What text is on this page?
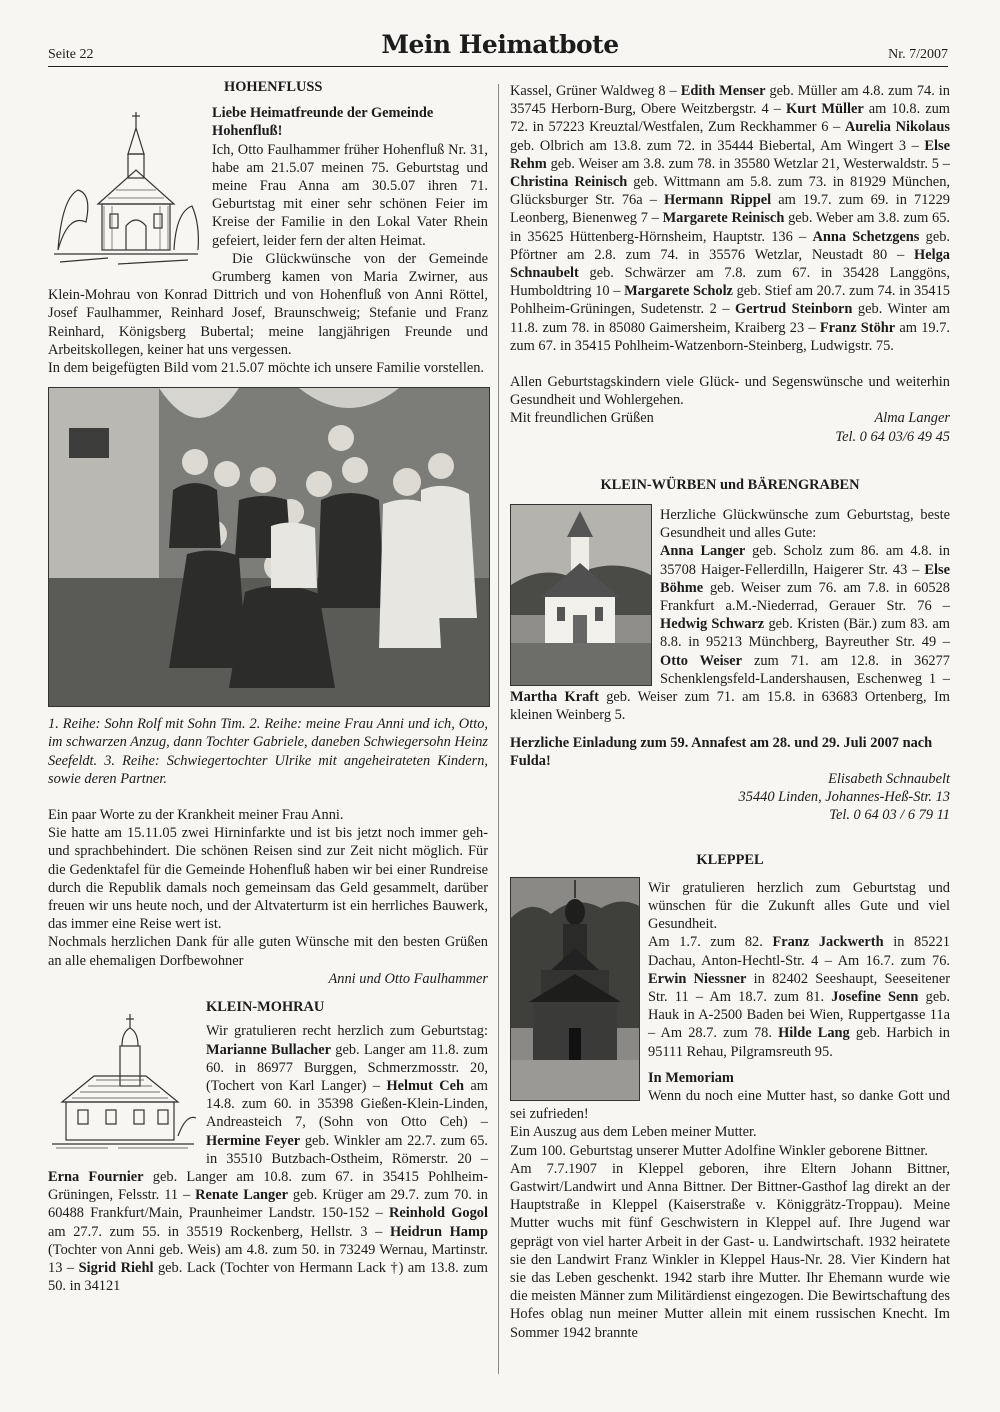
Seite 22	Mein Heimatbote	Nr. 7/2007
HOHENFLUSS

Liebe Heimatfreunde der Gemeinde Hohenfluß!

Ich, Otto Faulhammer früher Hohenfluß Nr. 31, habe am 21.5.07 meinen 75. Geburtstag und meine Frau Anna am 30.5.07 ihren 71. Geburtstag mit einer sehr schönen Feier im Kreise der Familie in den Lokal Vater Rhein gefeiert, leider fern der alten Heimat.

Die Glückwünsche von der Gemeinde Grumberg kamen von Maria Zwirner, aus Klein-Mohrau von Konrad Dittrich und von Hohenfluß von Anni Röttel, Josef Faulhammer, Reinhard Josef, Braunschweig; Stefanie und Franz Reinhard, Königsberg Bubertal; meine langjährigen Freunde und Arbeitskollegen, keiner hat uns vergessen.

In dem beigefügten Bild vom 21.5.07 möchte ich unsere Familie vorstellen.

1. Reihe: Sohn Rolf mit Sohn Tim. 2. Reihe: meine Frau Anni und ich, Otto, im schwarzen Anzug, dann Tochter Gabriele, daneben Schwiegersohn Heinz Seefeldt. 3. Reihe: Schwiegertochter Ulrike mit angeheirateten Kindern, sowie deren Partner.

Ein paar Worte zu der Krankheit meiner Frau Anni.

Sie hatte am 15.11.05 zwei Hirninfarkte und ist bis jetzt noch immer geh- und sprachbehindert. Die schönen Reisen sind zur Zeit nicht möglich. Für die Gedenktafel für die Gemeinde Hohenfluß haben wir bei einer Rundreise durch die Republik damals noch gemeinsam das Geld gesammelt, darüber freuen wir uns heute noch, und der Altvaterturm ist ein herrliches Bauwerk, das immer eine Reise wert ist.

Nochmals herzlichen Dank für alle guten Wünsche mit den besten Grüßen an alle ehemaligen Dorfbewohner

Anni und Otto Faulhammer

KLEIN-MOHRAU

Wir gratulieren recht herzlich zum Geburtstag: Marianne Bullacher geb. Langer am 11.8. zum 60. in 86977 Burggen, Schmerzmosstr. 20, (Tochert von Karl Langer) – Helmut Ceh am 14.8. zum 60. in 35398 Gießen-Klein-Linden, Andreasteich 7, (Sohn von Otto Ceh) – Hermine Feyer geb. Winkler am 22.7. zum 65. in 35510 Butzbach-Ostheim, Römerstr. 20 – Erna Fournier geb. Langer am 10.8. zum 67. in 35415 Pohlheim-Grüningen, Felsstr. 11 – Renate Langer geb. Krüger am 29.7. zum 70. in 60488 Frankfurt/Main, Praunheimer Landstr. 150-152 – Reinhold Gogol am 27.7. zum 55. in 35519 Rockenberg, Hellstr. 3 – Heidrun Hamp (Tochter von Anni geb. Weis) am 4.8. zum 50. in 73249 Wernau, Martinstr. 13 – Sigrid Riehl geb. Lack (Tochter von Hermann Lack †) am 13.8. zum 50. in 34121

Kassel, Grüner Waldweg 8 – Edith Menser geb. Müller am 4.8. zum 74. in 35745 Herborn-Burg, Obere Weitzbergstr. 4 – Kurt Müller am 10.8. zum 72. in 57223 Kreuztal/Westfalen, Zum Reckhammer 6 – Aurelia Nikolaus geb. Olbrich am 13.8. zum 72. in 35444 Biebertal, Am Wingert 3 – Else Rehm geb. Weiser am 3.8. zum 78. in 35580 Wetzlar 21, Westerwaldstr. 5 – Christina Reinisch geb. Wittmann am 5.8. zum 73. in 81929 München, Glücksburger Str. 76a – Hermann Rippel am 19.7. zum 69. in 71229 Leonberg, Bienenweg 7 – Margarete Reinisch geb. Weber am 3.8. zum 65. in 35625 Hüttenberg-Hörnsheim, Hauptstr. 136 – Anna Schetzgens geb. Pförtner am 2.8. zum 74. in 35576 Wetzlar, Neustadt 80 – Helga Schnaubelt geb. Schwärzer am 7.8. zum 67. in 35428 Langgöns, Humboldtring 10 – Margarete Scholz geb. Stief am 20.7. zum 74. in 35415 Pohlheim-Grüningen, Sudetenstr. 2 – Gertrud Steinborn geb. Winter am 11.8. zum 78. in 85080 Gaimersheim, Kraiberg 23 – Franz Stöhr am 19.7. zum 67. in 35415 Pohlheim-Watzenborn-Steinberg, Ludwigstr. 75.

Allen Geburtstagskindern viele Glück- und Segenswünsche und weiterhin Gesundheit und Wohlergehen.

Mit freundlichen Grüßen	Alma Langer

Tel. 0 64 03/6 49 45

KLEIN-WÜRBEN und BÄRENGRABEN

Herzliche Glückwünsche zum Geburtstag, beste Gesundheit und alles Gute:
Anna Langer geb. Scholz zum 86. am 4.8. in 35708 Haiger-Fellerdilln, Haigerer Str. 43 – Else Böhme geb. Weiser zum 76. am 7.8. in 60528 Frankfurt a.M.-Niederrad, Gerauer Str. 76 – Hedwig Schwarz geb. Kristen (Bär.) zum 83. am 8.8. in 95213 Münchberg, Bayreuther Str. 49 – Otto Weiser zum 71. am 12.8. in 36277 Schenklengsfeld-Landershausen, Eschenweg 1 – Martha Kraft geb. Weiser zum 71. am 15.8. in 63683 Ortenberg, Im kleinen Weinberg 5.

Herzliche Einladung zum 59. Annafest am 28. und 29. Juli 2007 nach Fulda!

Elisabeth Schnaubelt

35440 Linden, Johannes-Heß-Str. 13

Tel. 0 64 03 / 6 79 11

KLEPPEL

Wir gratulieren herzlich zum Geburtstag und wünschen für die Zukunft alles Gute und viel Gesundheit.

Am 1.7. zum 82. Franz Jackwerth in 85221 Dachau, Anton-Hechtl-Str. 4 – Am 16.7. zum 76. Erwin Niessner in 82402 Seeshaupt, Seeseitener Str. 11 – Am 18.7. zum 81. Josefine Senn geb. Hauk in A-2500 Baden bei Wien, Ruppertgasse 11a – Am 28.7. zum 78. Hilde Lang geb. Harbich in 95111 Rehau, Pilgramsreuth 95.

In Memoriam

Wenn du noch eine Mutter hast, so danke Gott und sei zufrieden!

Ein Auszug aus dem Leben meiner Mutter.

Zum 100. Geburtstag unserer Mutter Adolfine Winkler geborene Bittner.

Am 7.7.1907 in Kleppel geboren, ihre Eltern Johann Bittner, Gastwirt/Landwirt und Anna Bittner. Der Bittner-Gasthof lag direkt an der Hauptstraße in Kleppel (Kaiserstraße v. Königgrätz-Troppau). Meine Mutter wuchs mit fünf Geschwistern in Kleppel auf. Ihre Jugend war geprägt von viel harter Arbeit in der Gast- u. Landwirtschaft. 1932 heiratete sie den Landwirt Franz Winkler in Kleppel Haus-Nr. 28. Vier Kindern hat sie das Leben geschenkt. 1942 starb ihre Mutter. Ihr Ehemann wurde wie die meisten Männer zum Militärdienst eingezogen. Die Bewirtschaftung des Hofes oblag nun meiner Mutter allein mit einem russischen Knecht. Im Sommer 1942 brannte
